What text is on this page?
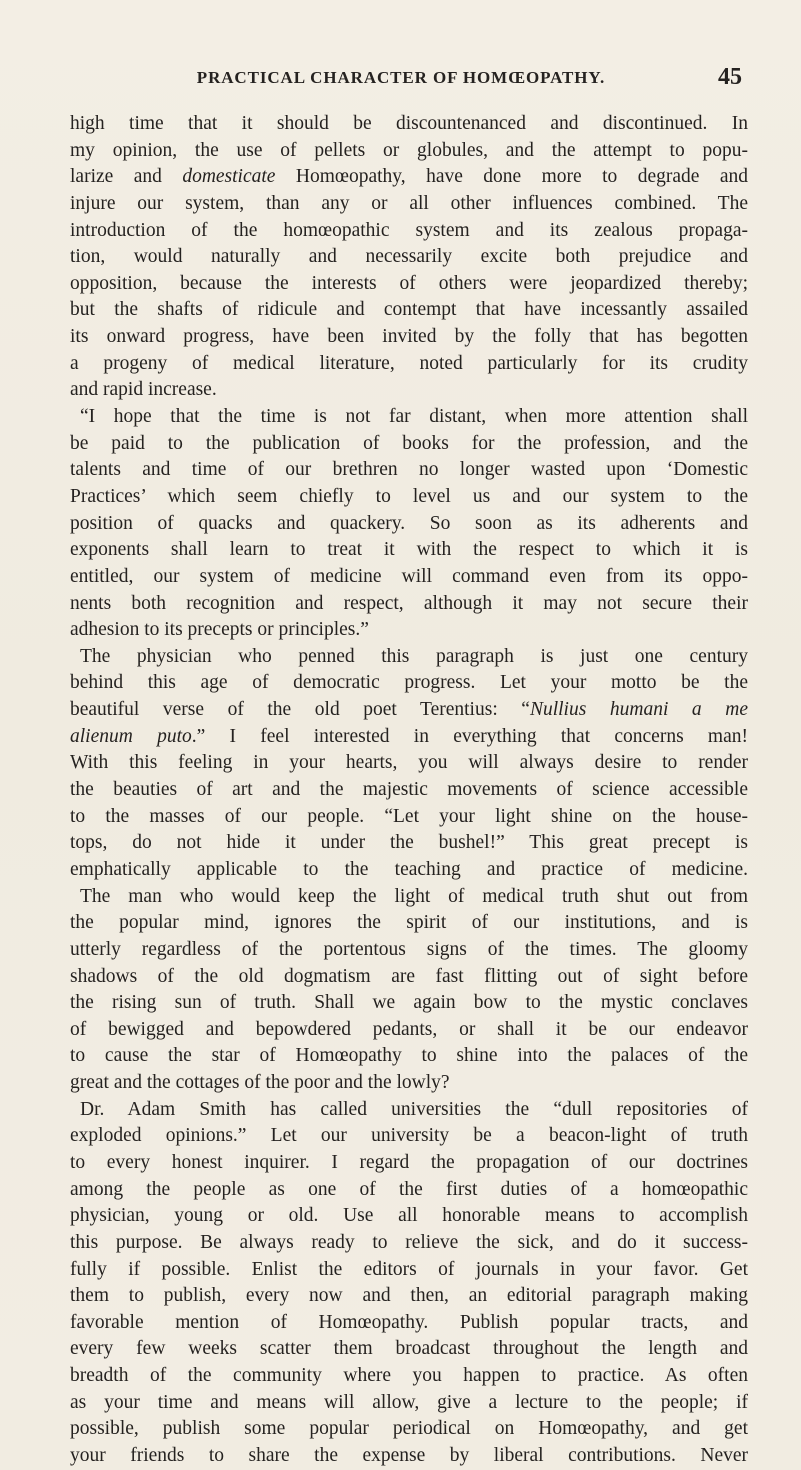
PRACTICAL CHARACTER OF HOMŒOPATHY.	45
high time that it should be discountenanced and discontinued. In
my opinion, the use of pellets or globules, and the attempt to popu-
larize and domesticate Homœopathy, have done more to degrade and
injure our system, than any or all other influences combined. The
introduction of the homœopathic system and its zealous propaga-
tion, would naturally and necessarily excite both prejudice and
opposition, because the interests of others were jeopardized thereby;
but the shafts of ridicule and contempt that have incessantly assailed
its onward progress, have been invited by the folly that has begotten
a progeny of medical literature, noted particularly for its crudity
and rapid increase.
“I hope that the time is not far distant, when more attention shall
be paid to the publication of books for the profession, and the
talents and time of our brethren no longer wasted upon ‘Domestic
Practices’ which seem chiefly to level us and our system to the
position of quacks and quackery. So soon as its adherents and
exponents shall learn to treat it with the respect to which it is
entitled, our system of medicine will command even from its oppo-
nents both recognition and respect, although it may not secure their
adhesion to its precepts or principles.”
The physician who penned this paragraph is just one century
behind this age of democratic progress. Let your motto be the
beautiful verse of the old poet Terentius: “Nullius humani a me
alienum puto.” I feel interested in everything that concerns man!
With this feeling in your hearts, you will always desire to render
the beauties of art and the majestic movements of science accessible
to the masses of our people. “Let your light shine on the house-
tops, do not hide it under the bushel!” This great precept is
emphatically applicable to the teaching and practice of medicine.
The man who would keep the light of medical truth shut out from
the popular mind, ignores the spirit of our institutions, and is
utterly regardless of the portentous signs of the times. The gloomy
shadows of the old dogmatism are fast flitting out of sight before
the rising sun of truth. Shall we again bow to the mystic conclaves
of bewigged and bepowdered pedants, or shall it be our endeavor
to cause the star of Homœopathy to shine into the palaces of the
great and the cottages of the poor and the lowly?
Dr. Adam Smith has called universities the “dull repositories of
exploded opinions.” Let our university be a beacon-light of truth
to every honest inquirer. I regard the propagation of our doctrines
among the people as one of the first duties of a homœopathic
physician, young or old. Use all honorable means to accomplish
this purpose. Be always ready to relieve the sick, and do it success-
fully if possible. Enlist the editors of journals in your favor. Get
them to publish, every now and then, an editorial paragraph making
favorable mention of Homœopathy. Publish popular tracts, and
every few weeks scatter them broadcast throughout the length and
breadth of the community where you happen to practice. As often
as your time and means will allow, give a lecture to the people; if
possible, publish some popular periodical on Homœopathy, and get
your friends to share the expense by liberal contributions. Never
